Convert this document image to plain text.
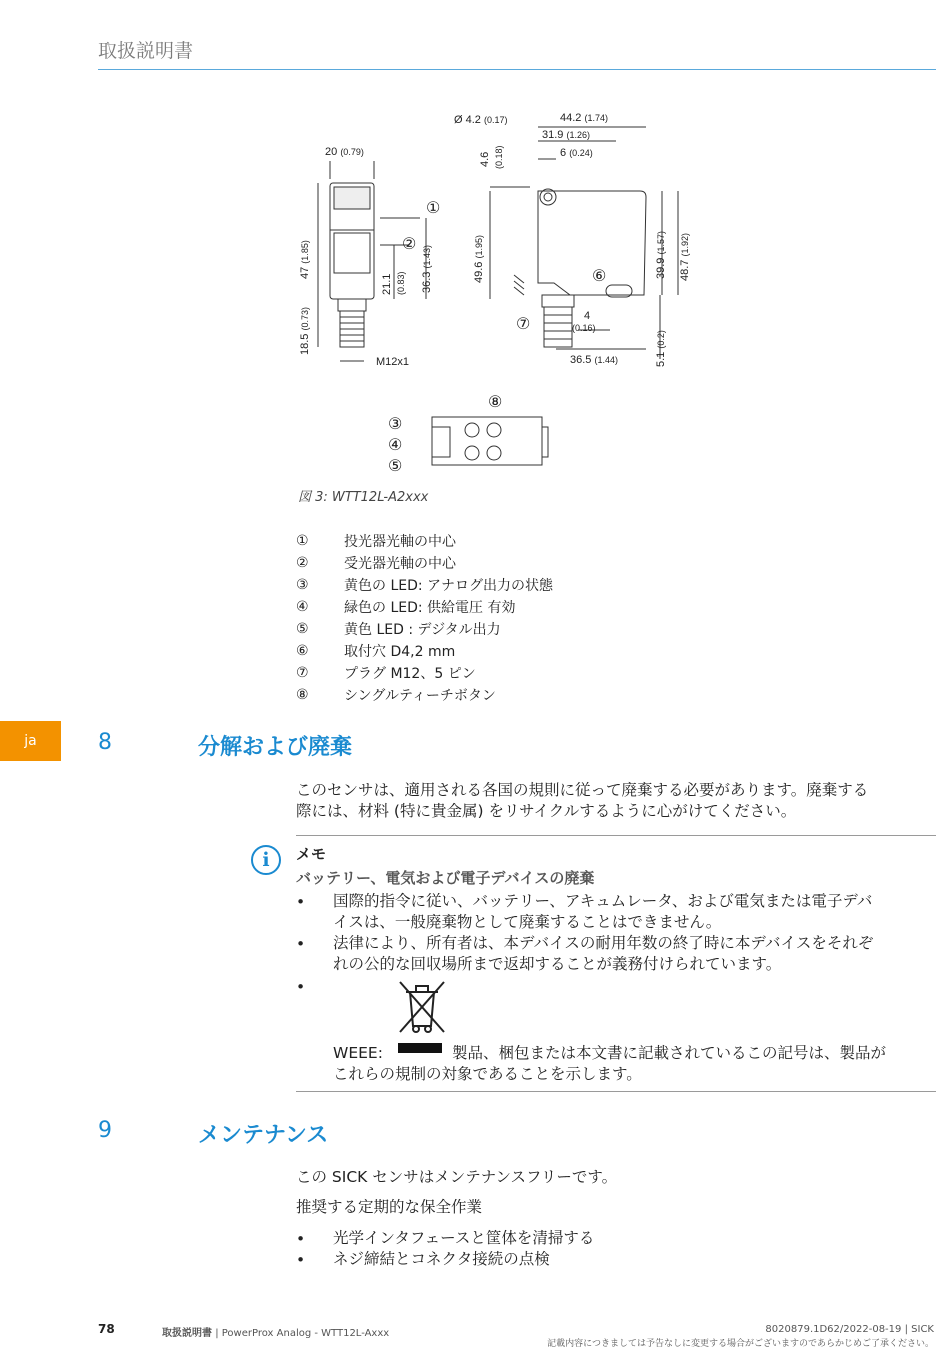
取扱説明書
ja
20 (0.79)
47 (1.85)
18.5 (0.73)
21.1 (0.83) 36.3 (1.43)
M12x1
Ø 4.2 (0.17)	44.2 (1.74)
31.9 (1.26)
6 (0.24)
4.6 (0.18)
49.6 (1.95)
39.9 (1.57)
48.7 (1.92)
4
(0.16)
36.5 (1.44)	5.1 (0.2)
①
②
⑥
⑦
⑧
③
④
⑤
図 3: WTT12L-A2xxx
①	投光器光軸の中心
②	受光器光軸の中心
③	黄色の LED: アナログ出力の状態
④	緑色の LED: 供給電圧 有効
⑤	黄色 LED : デジタル出力
⑥	取付穴 D4,2 mm
⑦	プラグ M12、5 ピン
⑧	シングルティーチボタン
8	分解および廃棄
このセンサは、適用される各国の規則に従って廃棄する必要があります。廃棄する
際には、材料 (特に貴金属) をリサイクルするように心がけてください。
i	メモ
バッテリー、電気および電子デバイスの廃棄
• 国際的指令に従い、バッテリー、アキュムレータ、および電気または電子デバ
イスは、一般廃棄物として廃棄することはできません。
• 法律により、所有者は、本デバイスの耐用年数の終了時に本デバイスをそれぞ
れの公的な回収場所まで返却することが義務付けられています。
•
WEEE:	製品、梱包または本文書に記載されているこの記号は、製品が
これらの規制の対象であることを示します。
9	メンテナンス
この SICK センサはメンテナンスフリーです。
推奨する定期的な保全作業
• 光学インタフェースと筐体を清掃する
• ネジ締結とコネクタ接続の点検
78	取扱説明書 | PowerProx Analog - WTT12L-Axxx	8020879.1D62/2022-08-19 | SICK
記載内容につきましては予告なしに変更する場合がございますのであらかじめご了承ください。
